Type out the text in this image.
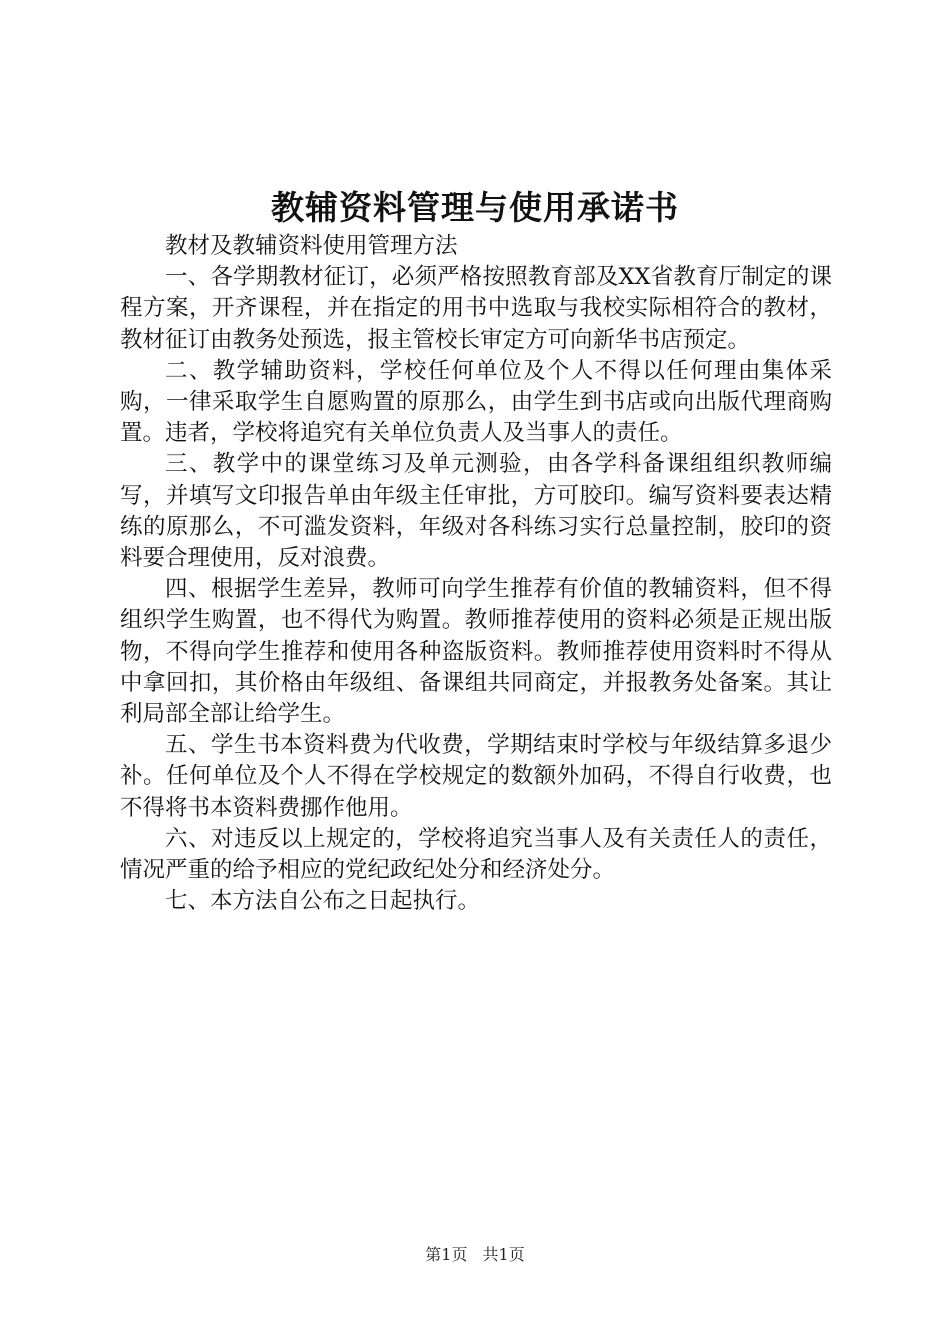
教辅资料管理与使用承诺书

教材及教辅资料使用管理方法

一、各学期教材征订，必须严格按照教育部及XX省教育厅制定的课程方案，开齐课程，并在指定的用书中选取与我校实际相符合的教材，教材征订由教务处预选，报主管校长审定方可向新华书店预定。

二、教学辅助资料，学校任何单位及个人不得以任何理由集体采购，一律采取学生自愿购置的原那么，由学生到书店或向出版代理商购置。违者，学校将追究有关单位负责人及当事人的责任。

三、教学中的课堂练习及单元测验，由各学科备课组组织教师编写，并填写文印报告单由年级主任审批，方可胶印。编写资料要表达精练的原那么，不可滥发资料，年级对各科练习实行总量控制，胶印的资料要合理使用，反对浪费。

四、根据学生差异，教师可向学生推荐有价值的教辅资料，但不得组织学生购置，也不得代为购置。教师推荐使用的资料必须是正规出版物，不得向学生推荐和使用各种盗版资料。教师推荐使用资料时不得从中拿回扣，其价格由年级组、备课组共同商定，并报教务处备案。其让利局部全部让给学生。

五、学生书本资料费为代收费，学期结束时学校与年级结算多退少补。任何单位及个人不得在学校规定的数额外加码，不得自行收费，也不得将书本资料费挪作他用。

六、对违反以上规定的，学校将追究当事人及有关责任人的责任，情况严重的给予相应的党纪政纪处分和经济处分。

七、本方法自公布之日起执行。

第1页 共1页
